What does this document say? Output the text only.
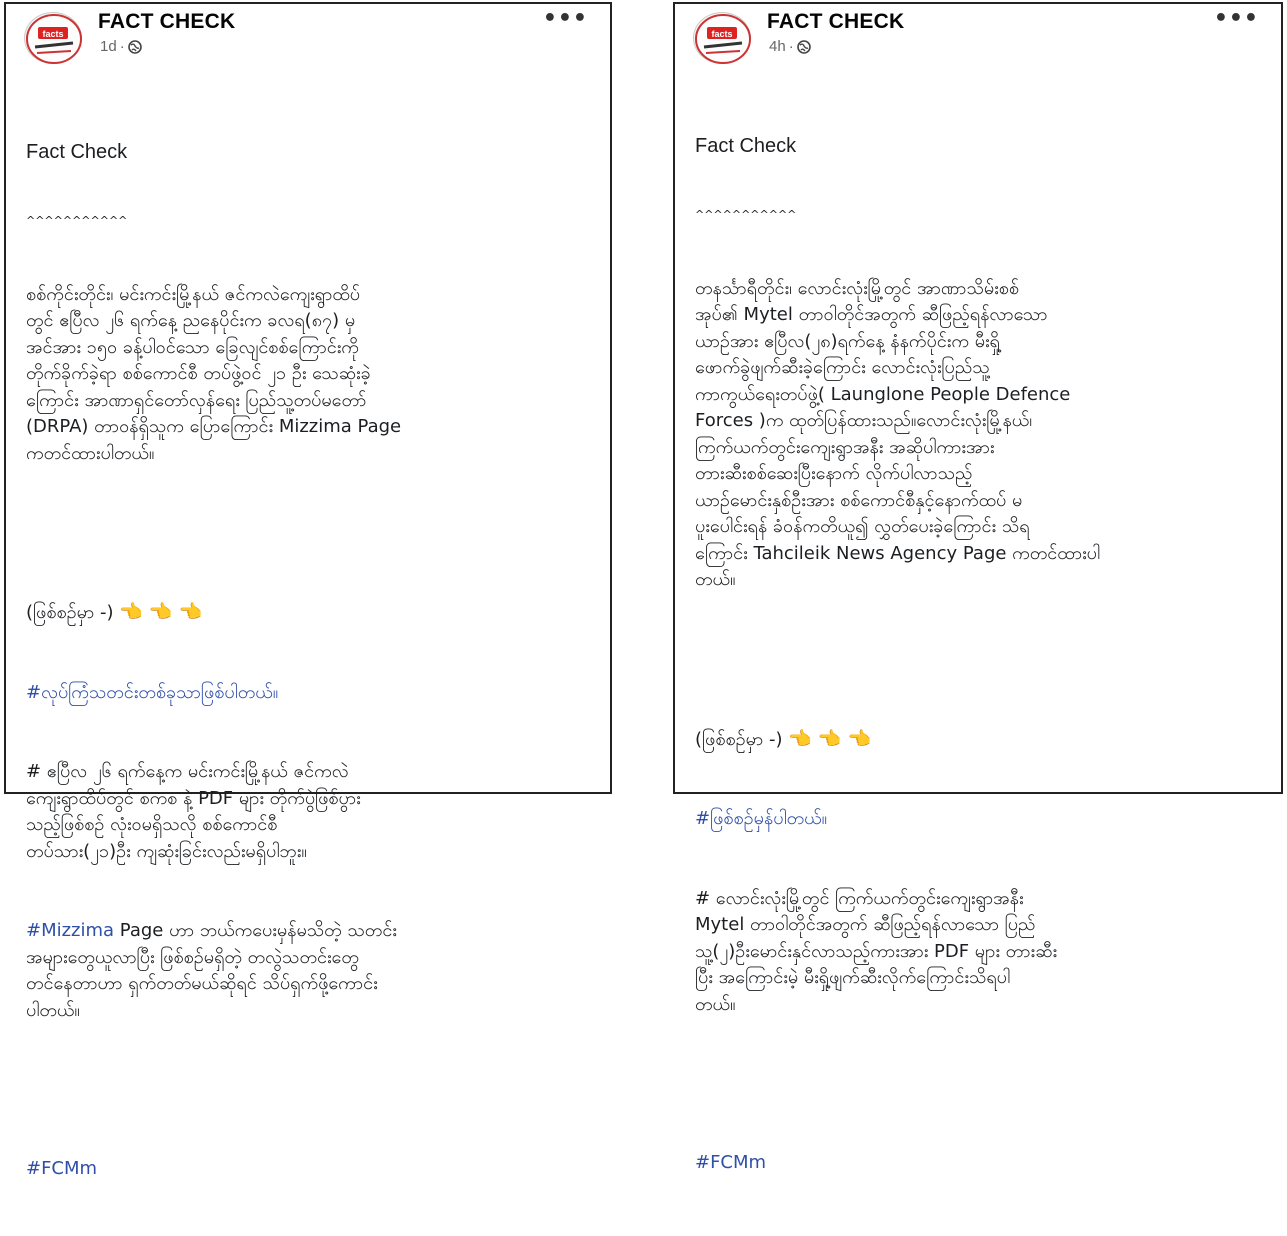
facts
FACT CHECK
1d ·
•••

Fact Check

^^^^^^^^^^^

စစ်ကိုင်းတိုင်း၊ မင်းကင်းမြို့နယ် ဇင်ကလဲကျေးရွာထိပ်
တွင် ဧပြီလ ၂၆ ရက်နေ့ ညနေပိုင်းက ခလရ(၈၇) မှ
အင်အား ၁၅၀ ခန့်ပါဝင်သော ခြေလျင်စစ်ကြောင်းကို
တိုက်ခိုက်ခဲ့ရာ စစ်ကောင်စီ တပ်ဖွဲ့ဝင် ၂၁ ဦး သေဆုံးခဲ့
ကြောင်း အာဏာရှင်တော်လှန်ရေး ပြည်သူ့တပ်မတော်
(DRPA) တာဝန်ရှိသူက ပြောကြောင်း Mizzima Page
ကတင်ထားပါတယ်။

(ဖြစ်စဉ်မှာ -) 👈 👈 👈

#လုပ်ကြံသတင်းတစ်ခုသာဖြစ်ပါတယ်။

# ဧပြီလ ၂၆ ရက်နေ့က မင်းကင်းမြို့နယ် ဇင်ကလဲ
ကျေးရွာထိပ်တွင် စကစ နဲ့ PDF များ တိုက်ပွဲဖြစ်ပွား
သည့်ဖြစ်စဉ် လုံးဝမရှိသလို စစ်ကောင်စီ
တပ်သား(၂၁)ဦး ကျဆုံးခြင်းလည်းမရှိပါဘူး။

#Mizzima Page ဟာ ဘယ်ကပေးမှန်မသိတဲ့ သတင်း
အများတွေယူလာပြီး ဖြစ်စဉ်မရှိတဲ့ တလွဲသတင်းတွေ
တင်နေတာဟာ ရှက်တတ်မယ်ဆိုရင် သိပ်ရှက်ဖို့ကောင်း
ပါတယ်။

#FCMm

facts
FACT CHECK
4h ·
•••

Fact Check

^^^^^^^^^^^

တနင်္သာရီတိုင်း၊ လောင်းလုံးမြို့တွင် အာဏာသိမ်းစစ်
အုပ်၏ Mytel တာဝါတိုင်အတွက် ဆီဖြည့်ရန်လာသော
ယာဉ်အား ဧပြီလ(၂၈)ရက်နေ့ နံနက်ပိုင်းက မီးရှို့
ဖောက်ခွဲဖျက်ဆီးခဲ့ကြောင်း လောင်းလုံးပြည်သူ့
ကာကွယ်ရေးတပ်ဖွဲ့( Launglone People Defence
Forces )က ထုတ်ပြန်ထားသည်။လောင်းလုံးမြို့နယ်၊
ကြက်ယက်တွင်းကျေးရွာအနီး အဆိုပါကားအား
တားဆီးစစ်ဆေးပြီးနောက် လိုက်ပါလာသည့်
ယာဉ်မောင်းနှစ်ဦးအား စစ်ကောင်စီနှင့်နောက်ထပ် မ
ပူးပေါင်းရန် ခံဝန်ကတိယူ၍ လွှတ်ပေးခဲ့ကြောင်း သိရ
ကြောင်း Tahcileik News Agency Page ကတင်ထားပါ
တယ်။

(ဖြစ်စဉ်မှာ -) 👈 👈 👈

#ဖြစ်စဉ်မှန်ပါတယ်။

# လောင်းလုံးမြို့တွင် ကြက်ယက်တွင်းကျေးရွာအနီး
Mytel တာဝါတိုင်အတွက် ဆီဖြည့်ရန်လာသော ပြည်
သူ့(၂)ဦးမောင်းနှင်လာသည့်ကားအား PDF များ တားဆီး
ပြီး အကြောင်းမဲ့ မီးရှို့ဖျက်ဆီးလိုက်ကြောင်းသိရပါ
တယ်။

#FCMm
